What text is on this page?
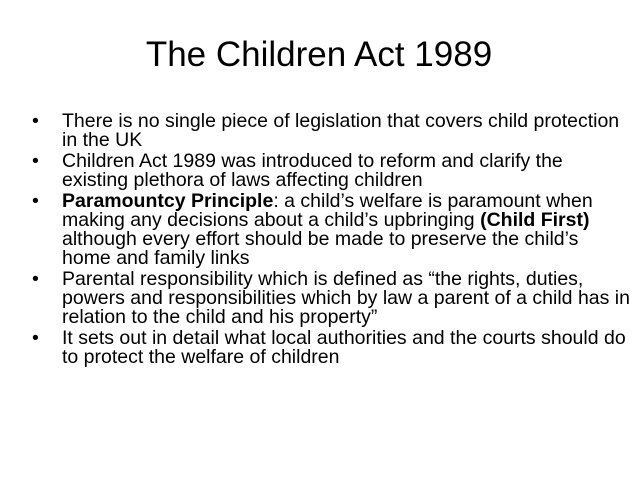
The Children Act 1989
• There is no single piece of legislation that covers child protection in the UK
• Children Act 1989 was introduced to reform and clarify the existing plethora of laws affecting children
• Paramountcy Principle: a child’s welfare is paramount when making any decisions about a child’s upbringing (Child First) although every effort should be made to preserve the child’s home and family links
• Parental responsibility which is defined as “the rights, duties, powers and responsibilities which by law a parent of a child has in relation to the child and his property”
• It sets out in detail what local authorities and the courts should do to protect the welfare of children
